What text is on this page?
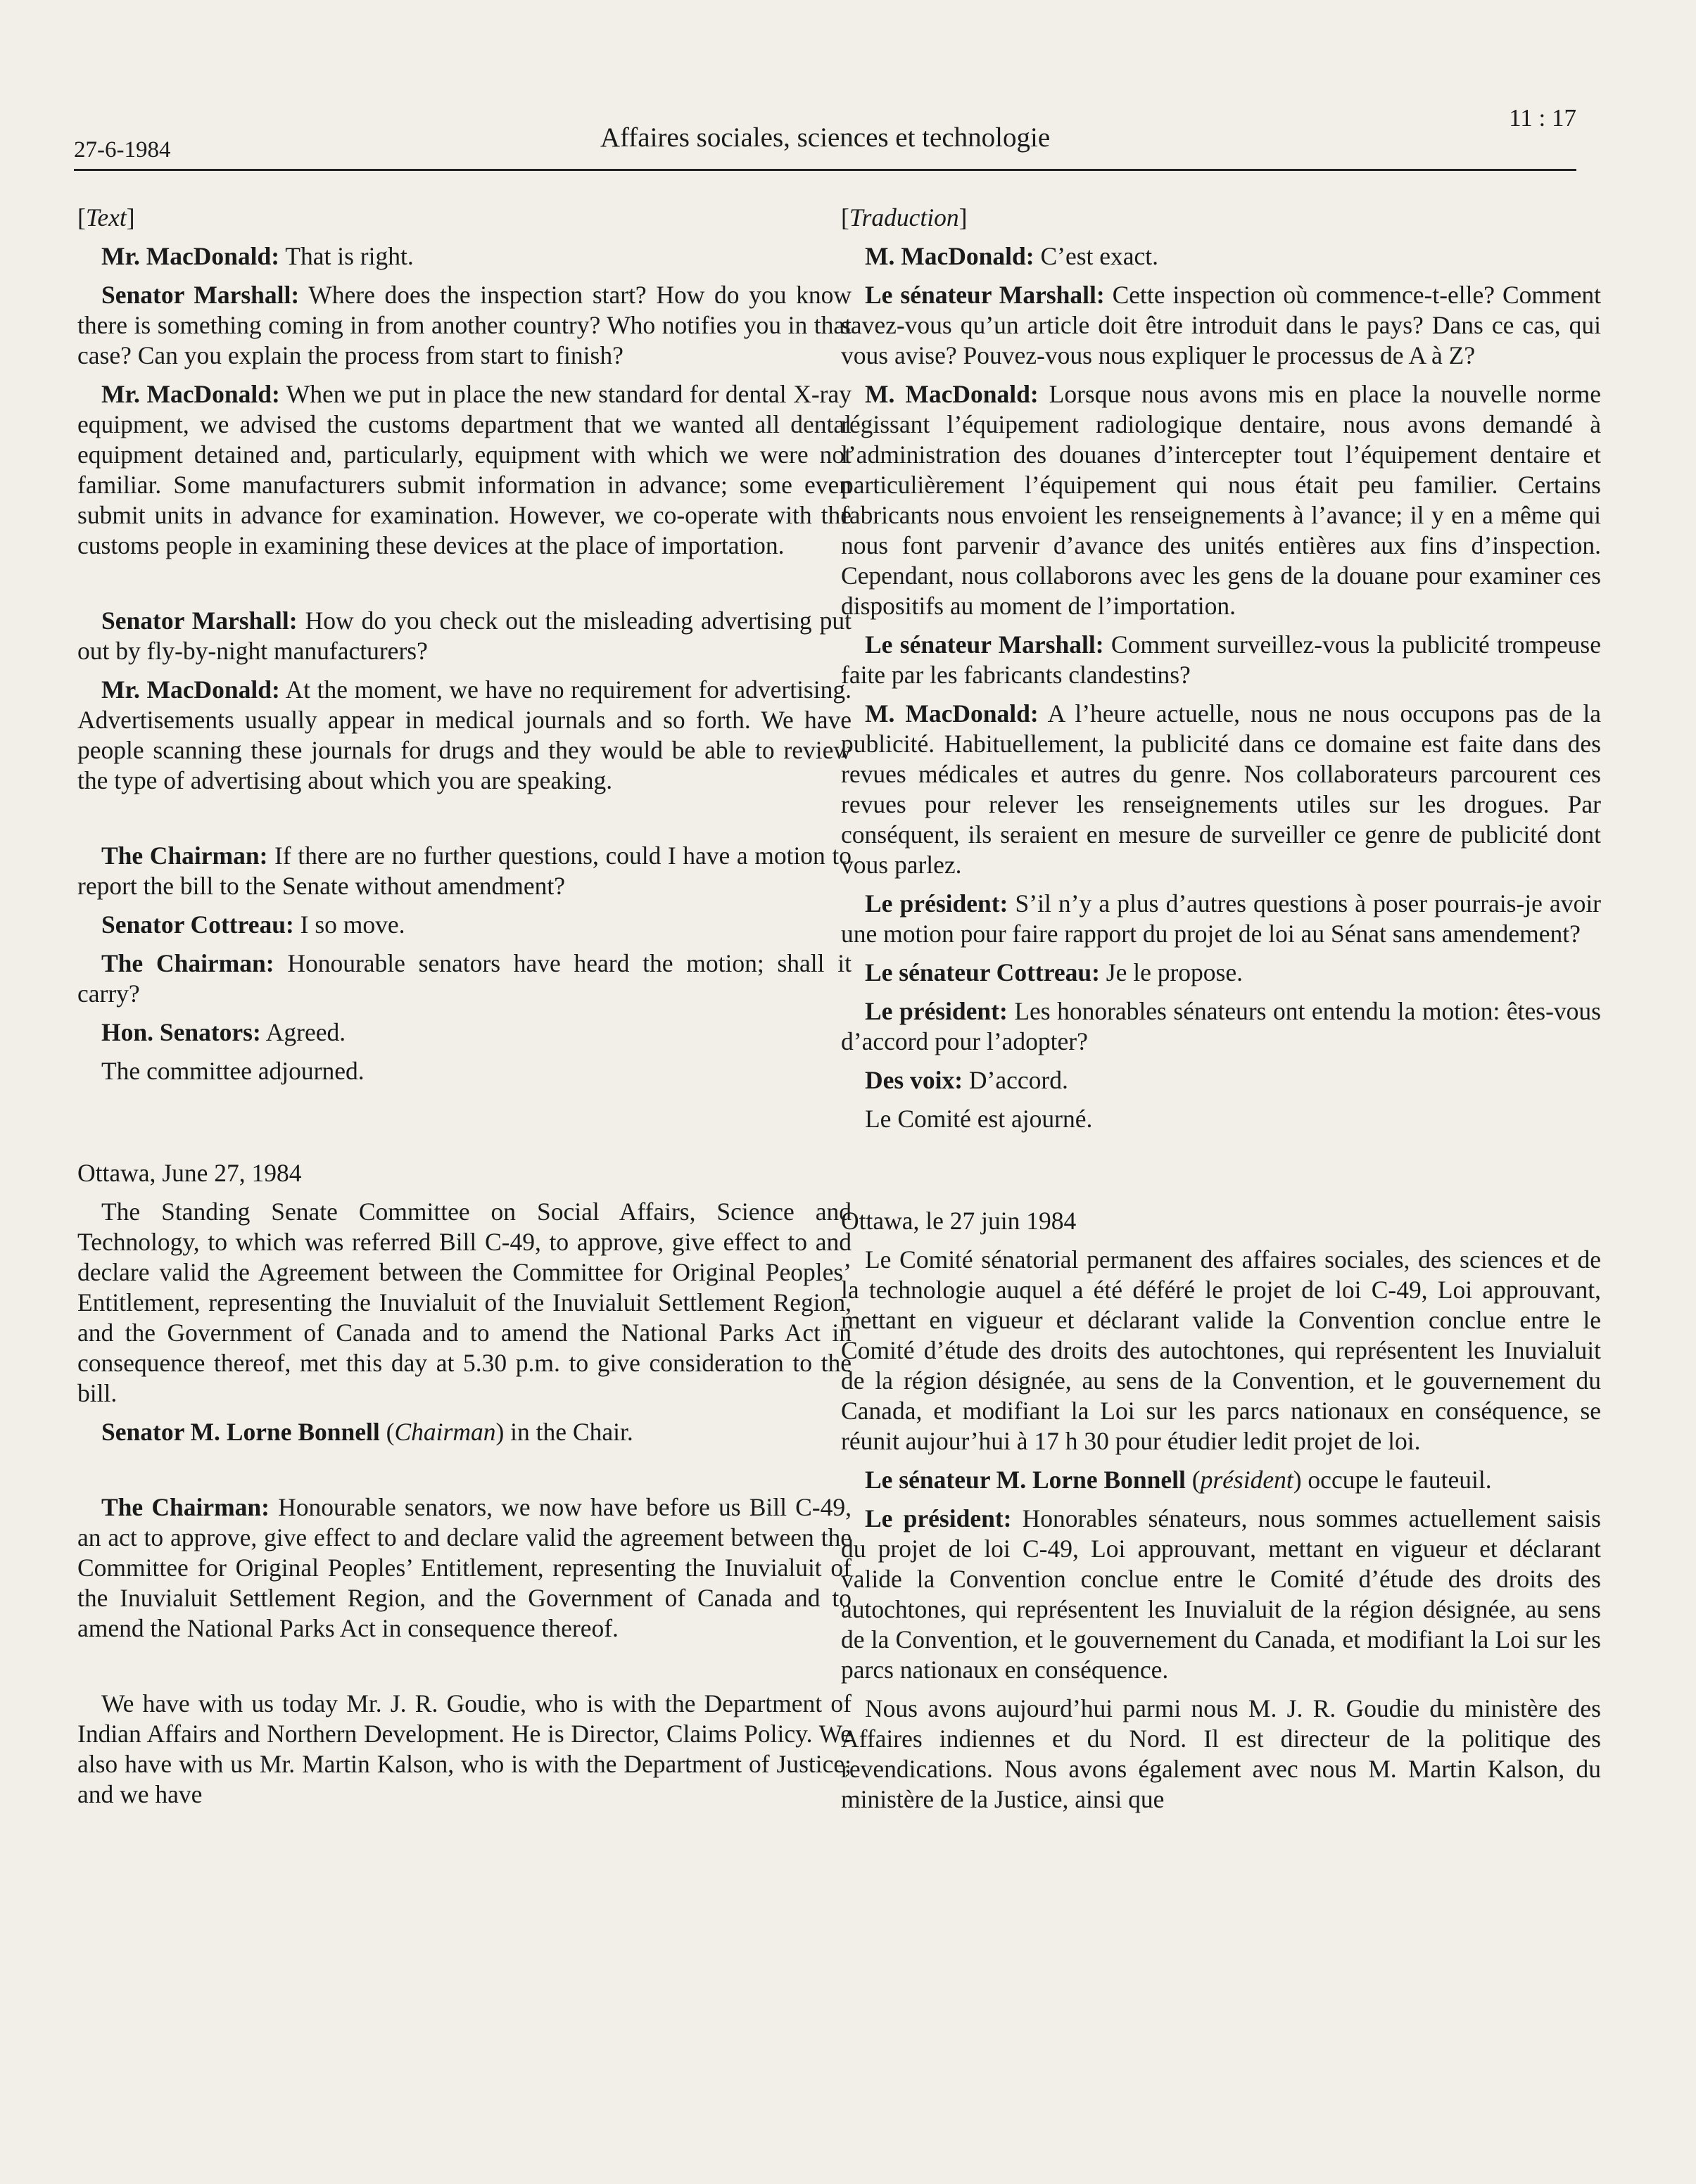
27-6-1984	Affaires sociales, sciences et technologie
11 : 17

[Text]

Mr. MacDonald: That is right.

Senator Marshall: Where does the inspection start? How do you know there is something coming in from another country? Who notifies you in that case? Can you explain the process from start to finish?

Mr. MacDonald: When we put in place the new standard for dental X-ray equipment, we advised the customs department that we wanted all dental equipment detained and, particularly, equipment with which we were not familiar. Some manufacturers submit information in advance; some even submit units in advance for examination. However, we co-operate with the customs people in examining these devices at the place of importation.

Senator Marshall: How do you check out the misleading advertising put out by fly-by-night manufacturers?

Mr. MacDonald: At the moment, we have no requirement for advertising. Advertisements usually appear in medical journals and so forth. We have people scanning these journals for drugs and they would be able to review the type of advertising about which you are speaking.

The Chairman: If there are no further questions, could I have a motion to report the bill to the Senate without amendment?

Senator Cottreau: I so move.

The Chairman: Honourable senators have heard the motion; shall it carry?

Hon. Senators: Agreed.

The committee adjourned.

Ottawa, June 27, 1984

The Standing Senate Committee on Social Affairs, Science and Technology, to which was referred Bill C-49, to approve, give effect to and declare valid the Agreement between the Committee for Original Peoples’ Entitlement, representing the Inuvialuit of the Inuvialuit Settlement Region, and the Government of Canada and to amend the National Parks Act in consequence thereof, met this day at 5.30 p.m. to give consideration to the bill.

Senator M. Lorne Bonnell (Chairman) in the Chair.

The Chairman: Honourable senators, we now have before us Bill C-49, an act to approve, give effect to and declare valid the agreement between the Committee for Original Peoples’ Entitlement, representing the Inuvialuit of the Inuvialuit Settlement Region, and the Government of Canada and to amend the National Parks Act in consequence thereof.

We have with us today Mr. J. R. Goudie, who is with the Department of Indian Affairs and Northern Development. He is Director, Claims Policy. We also have with us Mr. Martin Kalson, who is with the Department of Justice; and we have

[Traduction]

M. MacDonald: C’est exact.

Le sénateur Marshall: Cette inspection où commence-t-elle? Comment savez-vous qu’un article doit être introduit dans le pays? Dans ce cas, qui vous avise? Pouvez-vous nous expliquer le processus de A à Z?

M. MacDonald: Lorsque nous avons mis en place la nouvelle norme régissant l’équipement radiologique dentaire, nous avons demandé à l’administration des douanes d’intercepter tout l’équipement dentaire et particulièrement l’équipement qui nous était peu familier. Certains fabricants nous envoient les renseignements à l’avance; il y en a même qui nous font parvenir d’avance des unités entières aux fins d’inspection. Cependant, nous collaborons avec les gens de la douane pour examiner ces dispositifs au moment de l’importation.

Le sénateur Marshall: Comment surveillez-vous la publicité trompeuse faite par les fabricants clandestins?

M. MacDonald: A l’heure actuelle, nous ne nous occupons pas de la publicité. Habituellement, la publicité dans ce domaine est faite dans des revues médicales et autres du genre. Nos collaborateurs parcourent ces revues pour relever les renseignements utiles sur les drogues. Par conséquent, ils seraient en mesure de surveiller ce genre de publicité dont vous parlez.

Le président: S’il n’y a plus d’autres questions à poser pourrais-je avoir une motion pour faire rapport du projet de loi au Sénat sans amendement?

Le sénateur Cottreau: Je le propose.

Le président: Les honorables sénateurs ont entendu la motion: êtes-vous d’accord pour l’adopter?

Des voix: D’accord.

Le Comité est ajourné.

Ottawa, le 27 juin 1984

Le Comité sénatorial permanent des affaires sociales, des sciences et de la technologie auquel a été déféré le projet de loi C-49, Loi approuvant, mettant en vigueur et déclarant valide la Convention conclue entre le Comité d’étude des droits des autochtones, qui représentent les Inuvialuit de la région désignée, au sens de la Convention, et le gouvernement du Canada, et modifiant la Loi sur les parcs nationaux en conséquence, se réunit aujour’hui à 17 h 30 pour étudier ledit projet de loi.

Le sénateur M. Lorne Bonnell (président) occupe le fauteuil.

Le président: Honorables sénateurs, nous sommes actuellement saisis du projet de loi C-49, Loi approuvant, mettant en vigueur et déclarant valide la Convention conclue entre le Comité d’étude des droits des autochtones, qui représentent les Inuvialuit de la région désignée, au sens de la Convention, et le gouvernement du Canada, et modifiant la Loi sur les parcs nationaux en conséquence.

Nous avons aujourd’hui parmi nous M. J. R. Goudie du ministère des Affaires indiennes et du Nord. Il est directeur de la politique des revendications. Nous avons également avec nous M. Martin Kalson, du ministère de la Justice, ainsi que
